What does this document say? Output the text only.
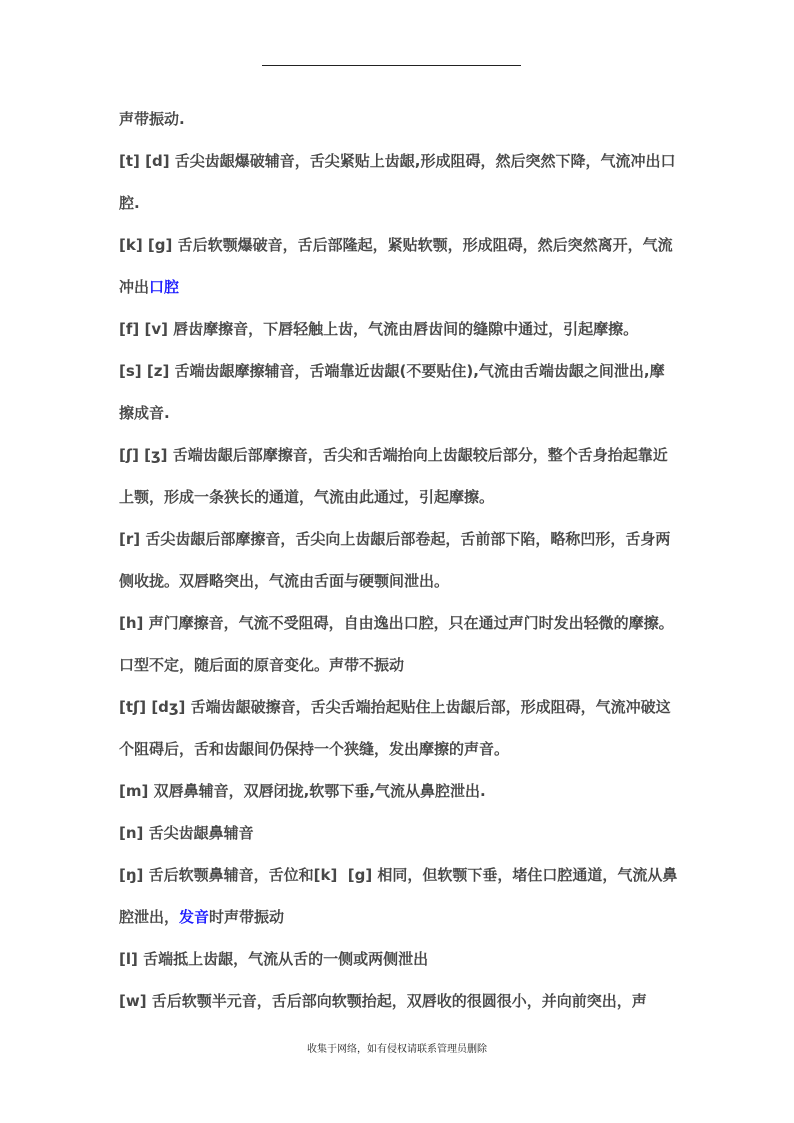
声带振动.

[t] [d] 舌尖齿龈爆破辅音，舌尖紧贴上齿龈,形成阻碍，然后突然下降，气流冲出口腔.

[k] [g] 舌后软颚爆破音，舌后部隆起，紧贴软颚，形成阻碍，然后突然离开，气流冲出口腔

[f] [v] 唇齿摩擦音，下唇轻触上齿，气流由唇齿间的缝隙中通过，引起摩擦。

[s] [z] 舌端齿龈摩擦辅音，舌端靠近齿龈(不要贴住),气流由舌端齿龈之间泄出,摩擦成音.

[ʃ] [ʒ] 舌端齿龈后部摩擦音，舌尖和舌端抬向上齿龈较后部分，整个舌身抬起靠近上颚，形成一条狭长的通道，气流由此通过，引起摩擦。

[r] 舌尖齿龈后部摩擦音，舌尖向上齿龈后部卷起，舌前部下陷，略称凹形，舌身两侧收拢。双唇略突出，气流由舌面与硬颚间泄出。

[h] 声门摩擦音，气流不受阻碍，自由逸出口腔，只在通过声门时发出轻微的摩擦。口型不定，随后面的原音变化。声带不振动

[tʃ] [dʒ] 舌端齿龈破擦音，舌尖舌端抬起贴住上齿龈后部，形成阻碍，气流冲破这个阻碍后，舌和齿龈间仍保持一个狭缝，发出摩擦的声音。

[m] 双唇鼻辅音，双唇闭拢,软鄂下垂,气流从鼻腔泄出.

[n] 舌尖齿龈鼻辅音

[ŋ] 舌后软颚鼻辅音，舌位和[k]  [g] 相同，但软颚下垂，堵住口腔通道，气流从鼻腔泄出，发音时声带振动

[l] 舌端抵上齿龈，气流从舌的一侧或两侧泄出

[w] 舌后软颚半元音，舌后部向软颚抬起，双唇收的很圆很小，并向前突出，声

收集于网络，如有侵权请联系管理员删除
